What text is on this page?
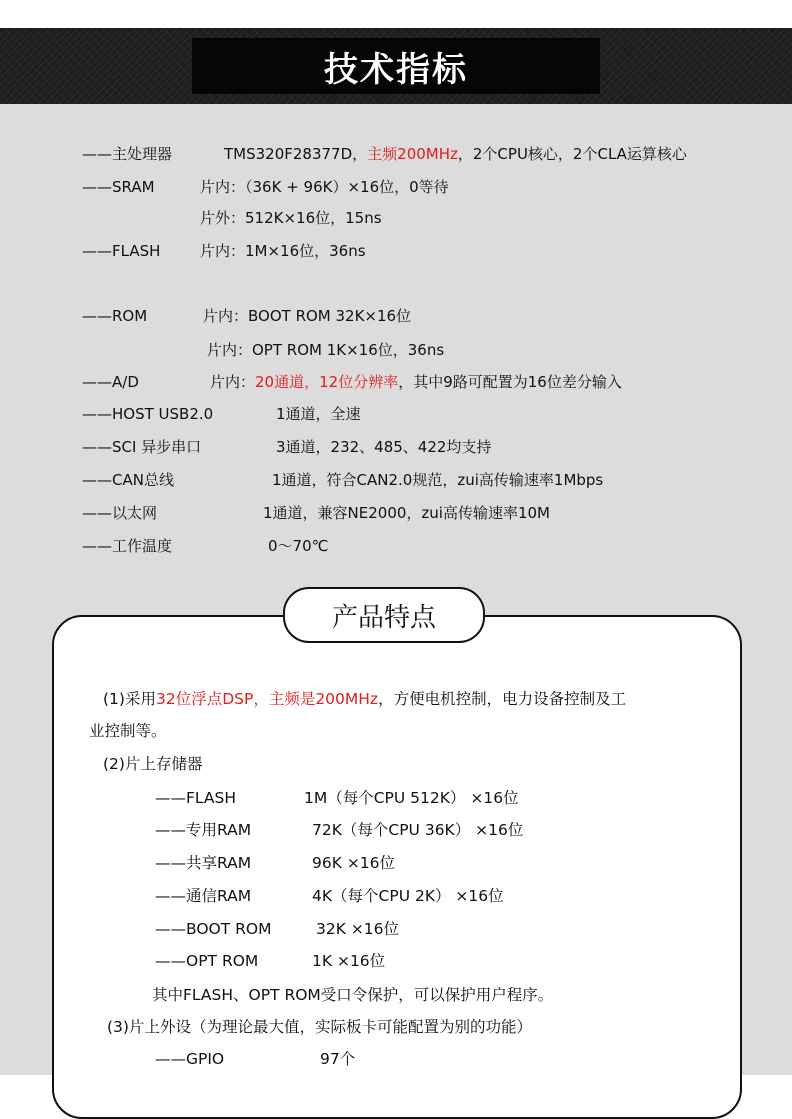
技术指标
——主处理器	TMS320F28377D，主频200MHz，2个CPU核心，2个CLA运算核心
——SRAM	片内：（36K + 96K）×16位，0等待
片外：512K×16位，15ns
——FLASH	片内：1M×16位，36ns
——ROM	片内：BOOT ROM 32K×16位
片内：OPT ROM 1K×16位，36ns
——A/D	片内：20通道，12位分辨率，其中9路可配置为16位差分输入
——HOST USB2.0	1通道，全速
——SCI 异步串口	3通道，232、485、422均支持
——CAN总线	1通道，符合CAN2.0规范，zui高传输速率1Mbps
——以太网	1通道，兼容NE2000，zui高传输速率10M
——工作温度	0～70℃
产品特点
(1)采用32位浮点DSP，主频是200MHz，方便电机控制，电力设备控制及工
业控制等。
(2)片上存储器
——FLASH	1M（每个CPU 512K） ×16位
——专用RAM	72K（每个CPU 36K） ×16位
——共享RAM	96K ×16位
——通信RAM	4K（每个CPU 2K） ×16位
——BOOT ROM	32K ×16位
——OPT ROM	1K ×16位
其中FLASH、OPT ROM受口令保护，可以保护用户程序。
(3)片上外设（为理论最大值，实际板卡可能配置为别的功能）
——GPIO	97个
